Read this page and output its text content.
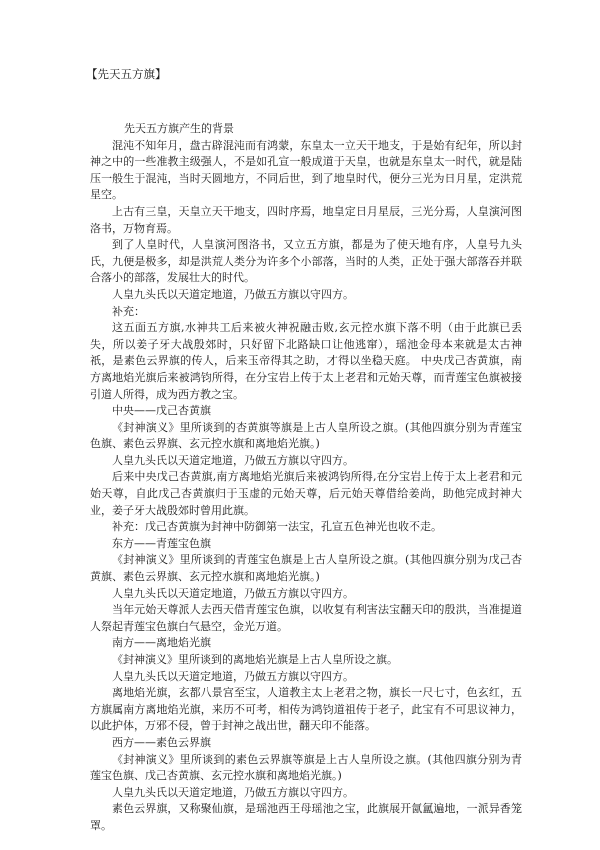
【先天五方旗】

先天五方旗产生的背景

混沌不知年月，盘古辟混沌而有鸿蒙，东皇太一立天干地支，于是始有纪年，所以封神之中的一些准教主级强人，不是如孔宣一般成道于天皇，也就是东皇太一时代，就是陆压一般生于混沌，当时天圆地方，不同后世，到了地皇时代，便分三光为日月星，定洪荒星空。

上古有三皇，天皇立天干地支，四时序焉，地皇定日月星辰，三光分焉，人皇演河图洛书，万物育焉。

到了人皇时代，人皇演河图洛书，又立五方旗，都是为了使天地有序，人皇号九头氏，九便是极多，却是洪荒人类分为许多个小部落，当时的人类，正处于强大部落吞并联合落小的部落，发展壮大的时代。

人皇九头氏以天道定地道，乃做五方旗以守四方。

补充：

这五面五方旗,水神共工后来被火神祝融击败,玄元控水旗下落不明（由于此旗已丢失，所以姜子牙大战殷郊时，只好留下北路缺口让他逃窜），瑶池金母本来就是太古神祇，是素色云界旗的传人，后来玉帝得其之助，才得以坐稳天庭。 中央戊己杏黄旗，南方离地焰光旗后来被鸿钧所得，在分宝岩上传于太上老君和元始天尊，而青莲宝色旗被接引道人所得，成为西方教之宝。

中央——戊己杏黄旗

《封神演义》里所谈到的杏黄旗等旗是上古人皇所设之旗。(其他四旗分别为青莲宝色旗、素色云界旗、玄元控水旗和离地焰光旗。)

人皇九头氏以天道定地道，乃做五方旗以守四方。

后来中央戊己杏黄旗,南方离地焰光旗后来被鸿钧所得,在分宝岩上传于太上老君和元始天尊，自此戊己杏黄旗归于玉虚的元始天尊，后元始天尊借给姜尚，助他完成封神大业，姜子牙大战殷郊时曾用此旗。

补充：戊己杏黄旗为封神中防御第一法宝，孔宣五色神光也收不走。

东方——青莲宝色旗

《封神演义》里所谈到的青莲宝色旗是上古人皇所设之旗。(其他四旗分别为戊己杏黄旗、素色云界旗、玄元控水旗和离地焰光旗。)

人皇九头氏以天道定地道，乃做五方旗以守四方。

当年元始天尊派人去西天借青莲宝色旗，以收复有利害法宝翻天印的殷洪，当准提道人祭起青莲宝色旗白气悬空，金光万道。

南方——离地焰光旗

《封神演义》里所谈到的离地焰光旗是上古人皇所设之旗。

人皇九头氏以天道定地道，乃做五方旗以守四方。

离地焰光旗，玄都八景宫至宝，人道教主太上老君之物，旗长一尺七寸，色玄红，五方旗属南方离地焰光旗，来历不可考，相传为鸿钧道祖传于老子，此宝有不可思议神力，以此护体，万邪不侵，曾于封神之战出世，翻天印不能落。

西方——素色云界旗

《封神演义》里所谈到的素色云界旗等旗是上古人皇所设之旗。(其他四旗分别为青莲宝色旗、戊己杏黄旗、玄元控水旗和离地焰光旗。)

人皇九头氏以天道定地道，乃做五方旗以守四方。

素色云界旗，又称聚仙旗，是瑶池西王母瑶池之宝，此旗展开氤氲遍地，一派异香笼罩。
